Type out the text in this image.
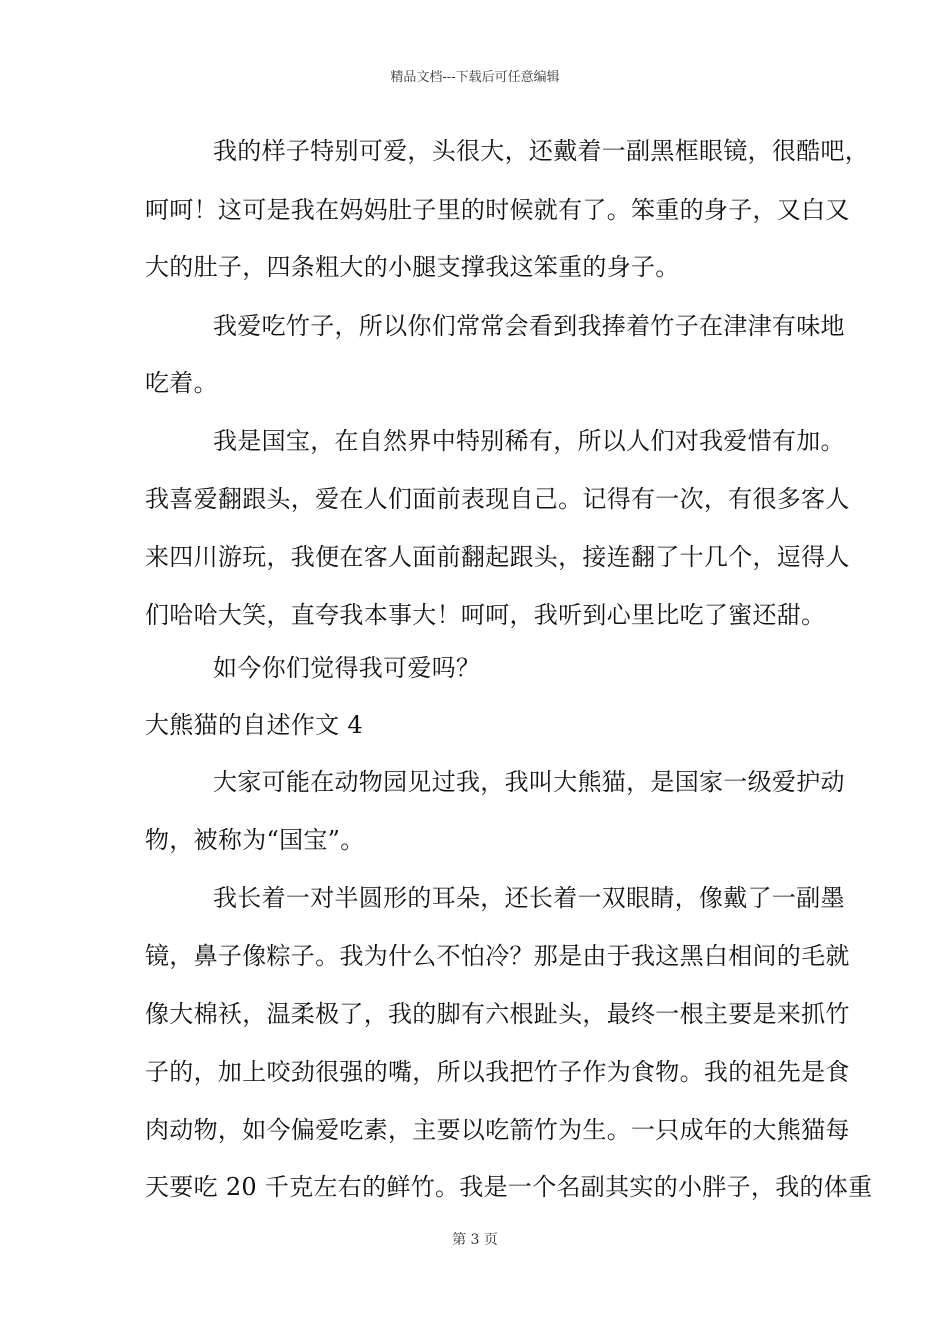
精品文档---下载后可任意编辑
我的样子特别可爱，头很大，还戴着一副黑框眼镜，很酷吧，
呵呵！这可是我在妈妈肚子里的时候就有了。笨重的身子，又白又
大的肚子，四条粗大的小腿支撑我这笨重的身子。
我爱吃竹子，所以你们常常会看到我捧着竹子在津津有味地
吃着。
我是国宝，在自然界中特别稀有，所以人们对我爱惜有加。
我喜爱翻跟头，爱在人们面前表现自己。记得有一次，有很多客人
来四川游玩，我便在客人面前翻起跟头，接连翻了十几个，逗得人
们哈哈大笑，直夸我本事大！呵呵，我听到心里比吃了蜜还甜。
如今你们觉得我可爱吗？
大熊猫的自述作文 4
大家可能在动物园见过我，我叫大熊猫，是国家一级爱护动
物，被称为“国宝”。
我长着一对半圆形的耳朵，还长着一双眼睛，像戴了一副墨
镜，鼻子像粽子。我为什么不怕冷？那是由于我这黑白相间的毛就
像大棉袄，温柔极了，我的脚有六根趾头，最终一根主要是来抓竹
子的，加上咬劲很强的嘴，所以我把竹子作为食物。我的祖先是食
肉动物，如今偏爱吃素，主要以吃箭竹为生。一只成年的大熊猫每
天要吃 20 千克左右的鲜竹。我是一个名副其实的小胖子，我的体重
第 3 页
